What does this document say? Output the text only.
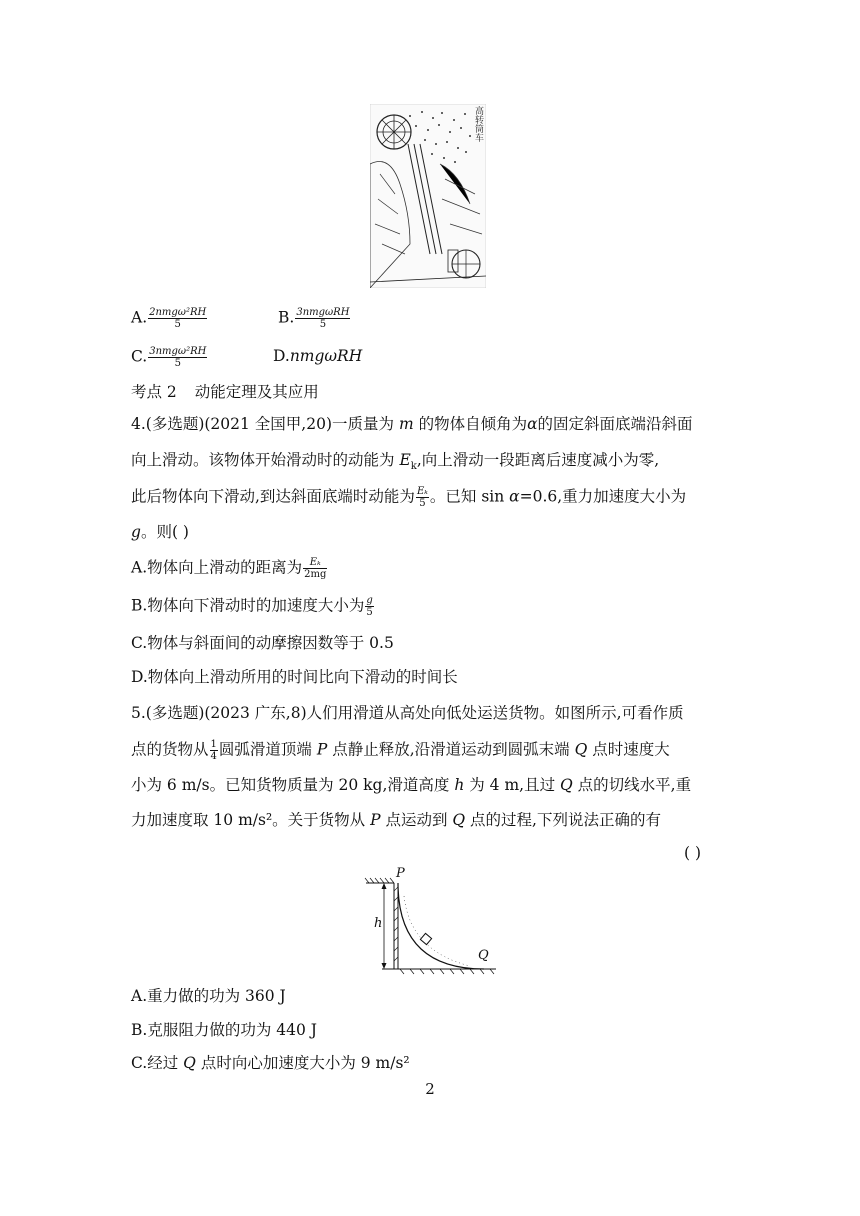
高转筒车
A. $\frac{\text{2nmgω²RH}}{5}$	B. $\frac{\text{3nmgωRH}}{5}$
C. $\frac{\text{3nmgω²RH}}{5}$	D.nmgωRH
考点 2 动能定理及其应用
4.(多选题)(2021 全国甲,20)一质量为 m 的物体自倾角为α的固定斜面底端沿斜面
向上滑动。该物体开始滑动时的动能为 $E_k$,向上滑动一段距离后速度减小为零,
此后物体向下滑动,到达斜面底端时动能为 $\frac{\text{Eₖ}}{5}$ 。已知 sin α=0.6,重力加速度大小为
g。则( )
A.物体向上滑动的距离为 $\frac{\text{Eₖ}}{2mg}$
B.物体向下滑动时的加速度大小为 $\frac{g}{5}$
C.物体与斜面间的动摩擦因数等于 0.5
D.物体向上滑动所用的时间比向下滑动的时间长
5.(多选题)(2023 广东,8)人们用滑道从高处向低处运送货物。如图所示,可看作质
点的货物从 $\frac{1}{4}$ 圆弧滑道顶端 P 点静止释放,沿滑道运动到圆弧末端 Q 点时速度大
小为 6 m/s。已知货物质量为 20 kg,滑道高度 h 为 4 m,且过 Q 点的切线水平,重
力加速度取 10 m/s²。关于货物从 P 点运动到 Q 点的过程,下列说法正确的有
( )
P
h
Q
A.重力做的功为 360 J
B.克服阻力做的功为 440 J
C.经过 Q 点时向心加速度大小为 9 m/s²
2
